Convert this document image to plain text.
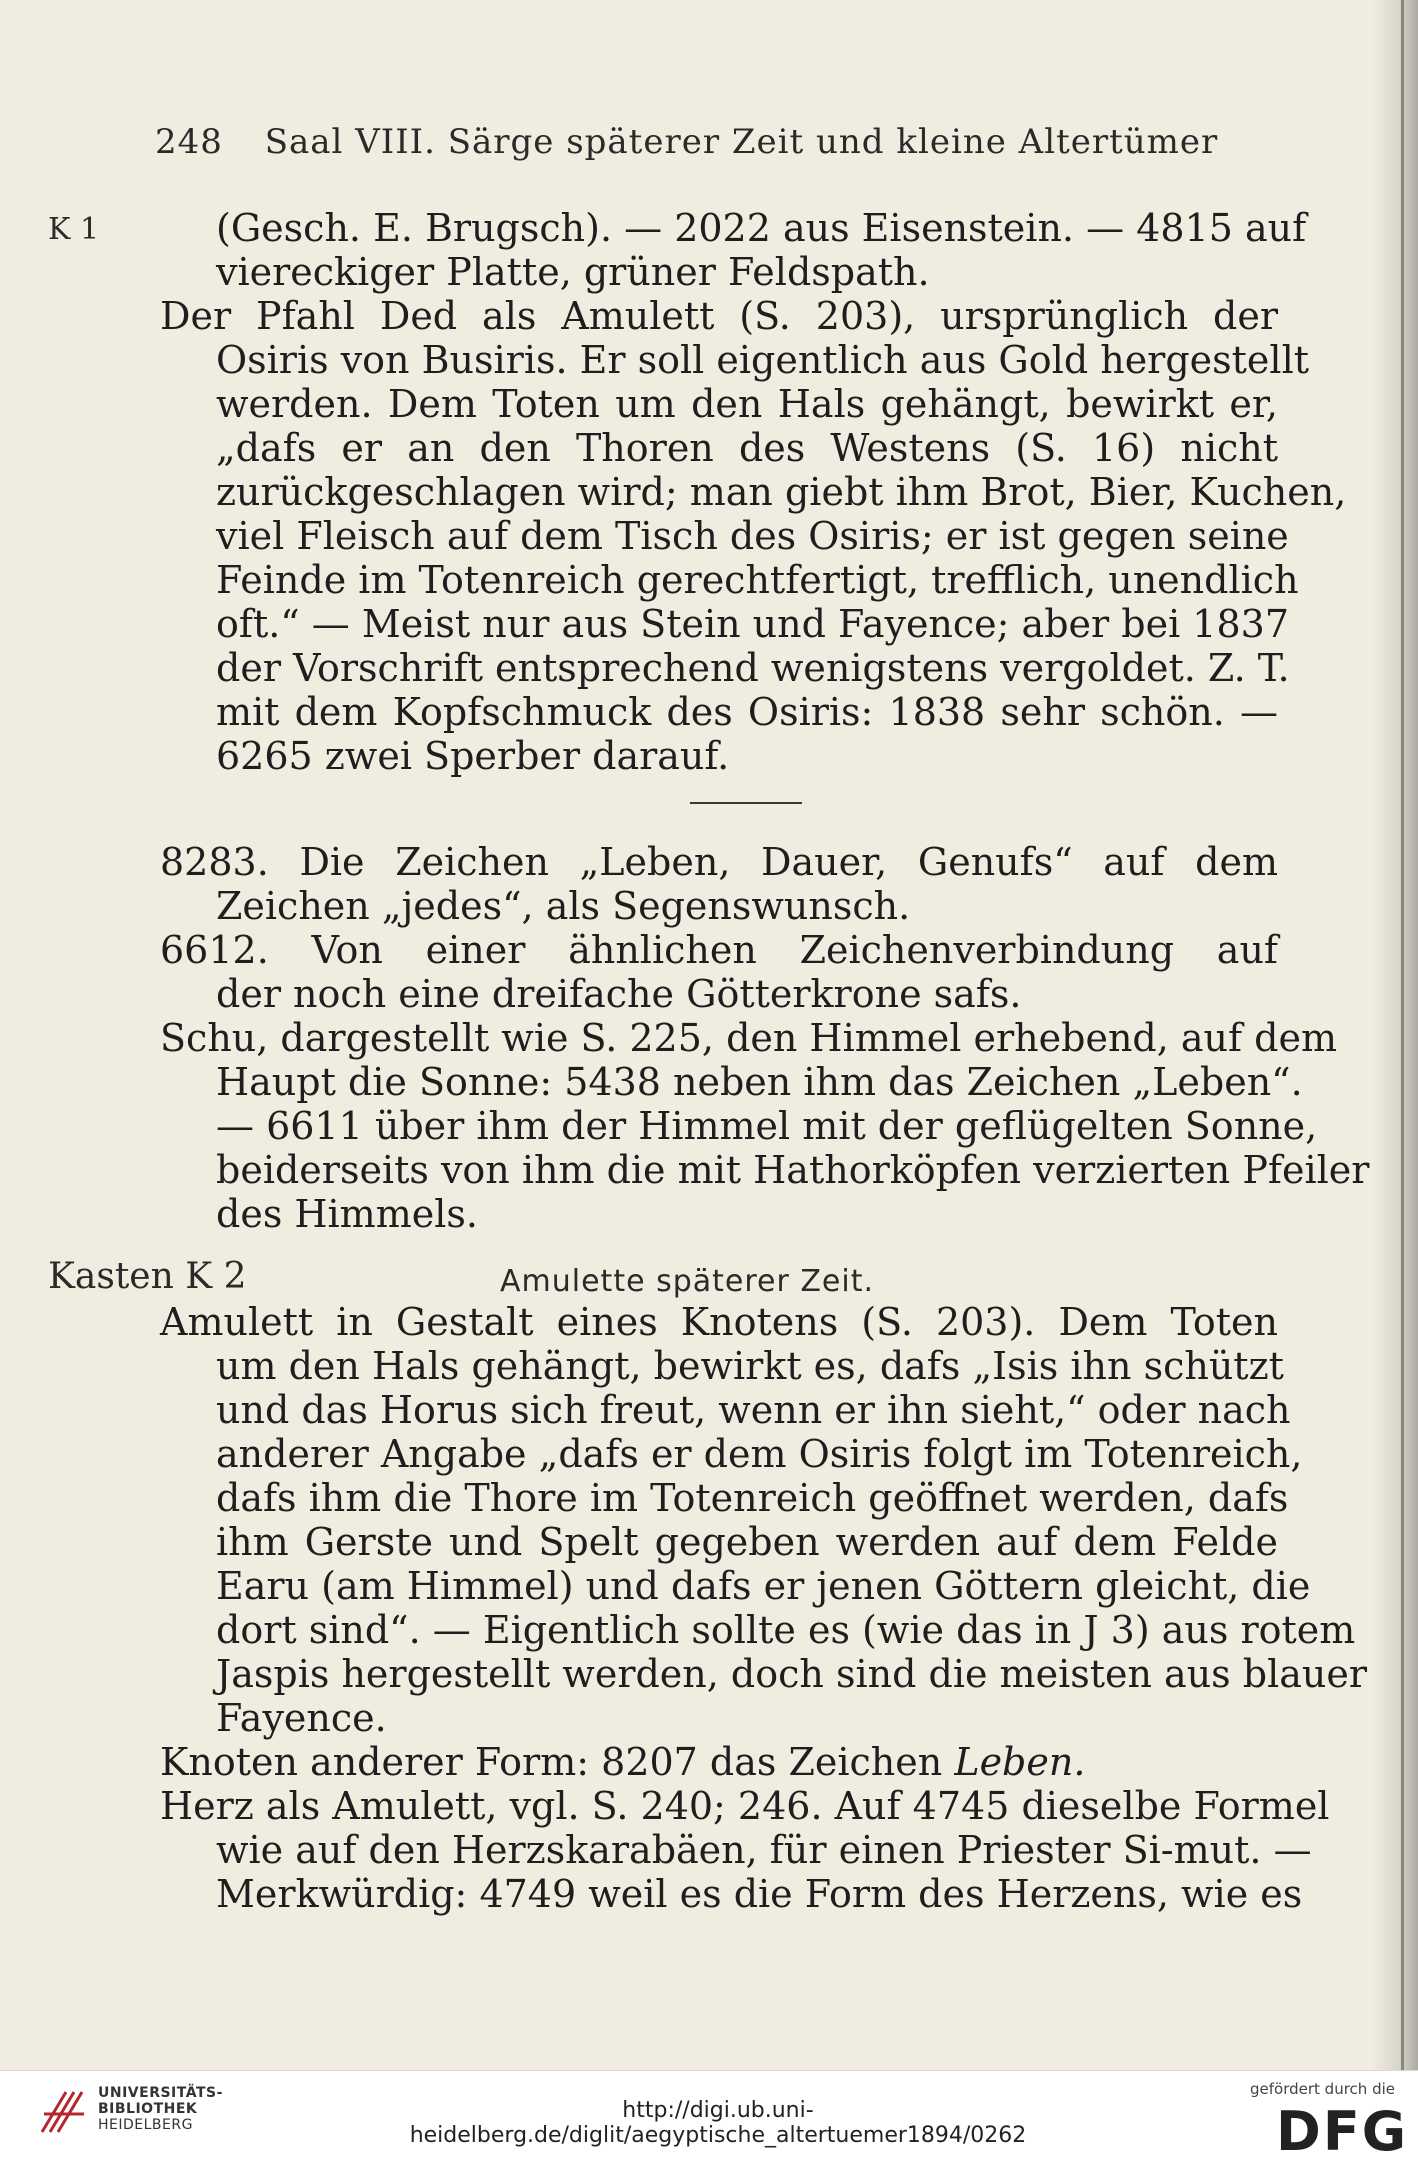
248 Saal VIII. Särge späterer Zeit und kleine Altertümer
K 1
Kasten K 2
(Gesch. E. Brugsch). — 2022 aus Eisenstein. — 4815 auf
viereckiger Platte, grüner Feldspath.
Der Pfahl Ded als Amulett (S. 203), ursprünglich der
Osiris von Busiris. Er soll eigentlich aus Gold hergestellt
werden. Dem Toten um den Hals gehängt, bewirkt er,
„dafs er an den Thoren des Westens (S. 16) nicht
zurückgeschlagen wird; man giebt ihm Brot, Bier, Kuchen,
viel Fleisch auf dem Tisch des Osiris; er ist gegen seine
Feinde im Totenreich gerechtfertigt, trefflich, unendlich
oft.“ — Meist nur aus Stein und Fayence; aber bei 1837
der Vorschrift entsprechend wenigstens vergoldet. Z. T.
mit dem Kopfschmuck des Osiris: 1838 sehr schön. —
6265 zwei Sperber darauf.
8283. Die Zeichen „Leben, Dauer, Genufs“ auf dem
Zeichen „jedes“, als Segenswunsch.
6612. Von einer ähnlichen Zeichenverbindung auf
der noch eine dreifache Götterkrone safs.
Schu, dargestellt wie S. 225, den Himmel erhebend, auf dem
Haupt die Sonne: 5438 neben ihm das Zeichen „Leben“.
— 6611 über ihm der Himmel mit der geflügelten Sonne,
beiderseits von ihm die mit Hathorköpfen verzierten Pfeiler
des Himmels.
Amulette späterer Zeit.
Amulett in Gestalt eines Knotens (S. 203). Dem Toten
um den Hals gehängt, bewirkt es, dafs „Isis ihn schützt
und das Horus sich freut, wenn er ihn sieht,“ oder nach
anderer Angabe „dafs er dem Osiris folgt im Totenreich,
dafs ihm die Thore im Totenreich geöffnet werden, dafs
ihm Gerste und Spelt gegeben werden auf dem Felde
Earu (am Himmel) und dafs er jenen Göttern gleicht, die
dort sind“. — Eigentlich sollte es (wie das in J 3) aus rotem
Jaspis hergestellt werden, doch sind die meisten aus blauer
Fayence.
Knoten anderer Form: 8207 das Zeichen Leben.
Herz als Amulett, vgl. S. 240; 246. Auf 4745 dieselbe Formel
wie auf den Herzskarabäen, für einen Priester Si-mut. —
Merkwürdig: 4749 weil es die Form des Herzens, wie es
UNIVERSITÄTS-
BIBLIOTHEK
HEIDELBERG
http://digi.ub.uni-heidelberg.de/diglit/aegyptische_altertuemer1894/0262
gefördert durch die
DFG
